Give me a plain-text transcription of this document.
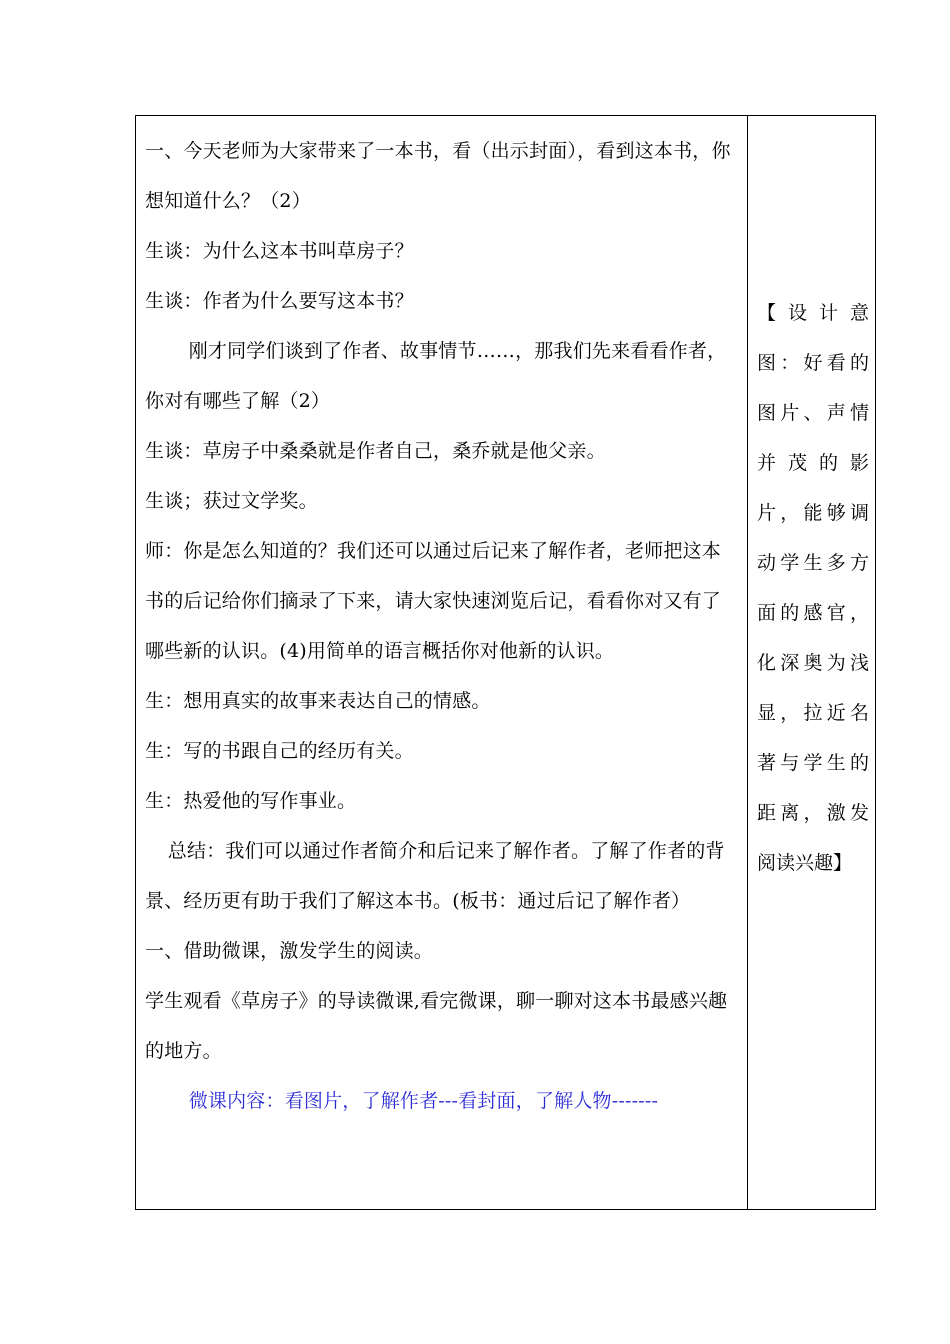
一、今天老师为大家带来了一本书，看（出示封面），看到这本书，你想知道什么？（2）

生谈：为什么这本书叫草房子？

生谈：作者为什么要写这本书？

刚才同学们谈到了作者、故事情节……，那我们先来看看作者，你对有哪些了解（2）

生谈：草房子中桑桑就是作者自己，桑乔就是他父亲。

生谈；获过文学奖。

师：你是怎么知道的？我们还可以通过后记来了解作者，老师把这本书的后记给你们摘录了下来，请大家快速浏览后记，看看你对又有了哪些新的认识。(4)用简单的语言概括你对他新的认识。

生：想用真实的故事来表达自己的情感。

生：写的书跟自己的经历有关。

生：热爱他的写作事业。

总结：我们可以通过作者简介和后记来了解作者。了解了作者的背景、经历更有助于我们了解这本书。(板书：通过后记了解作者）

一、借助微课，激发学生的阅读。

学生观看《草房子》的导读微课,看完微课，聊一聊对这本书最感兴趣的地方。

微课内容：看图片，了解作者---看封面，了解人物-------

【设计意图：好看的图片、声情并茂的影片，能够调动学生多方面的感官，化深奥为浅显，拉近名著与学生的距离，激发阅读兴趣】
